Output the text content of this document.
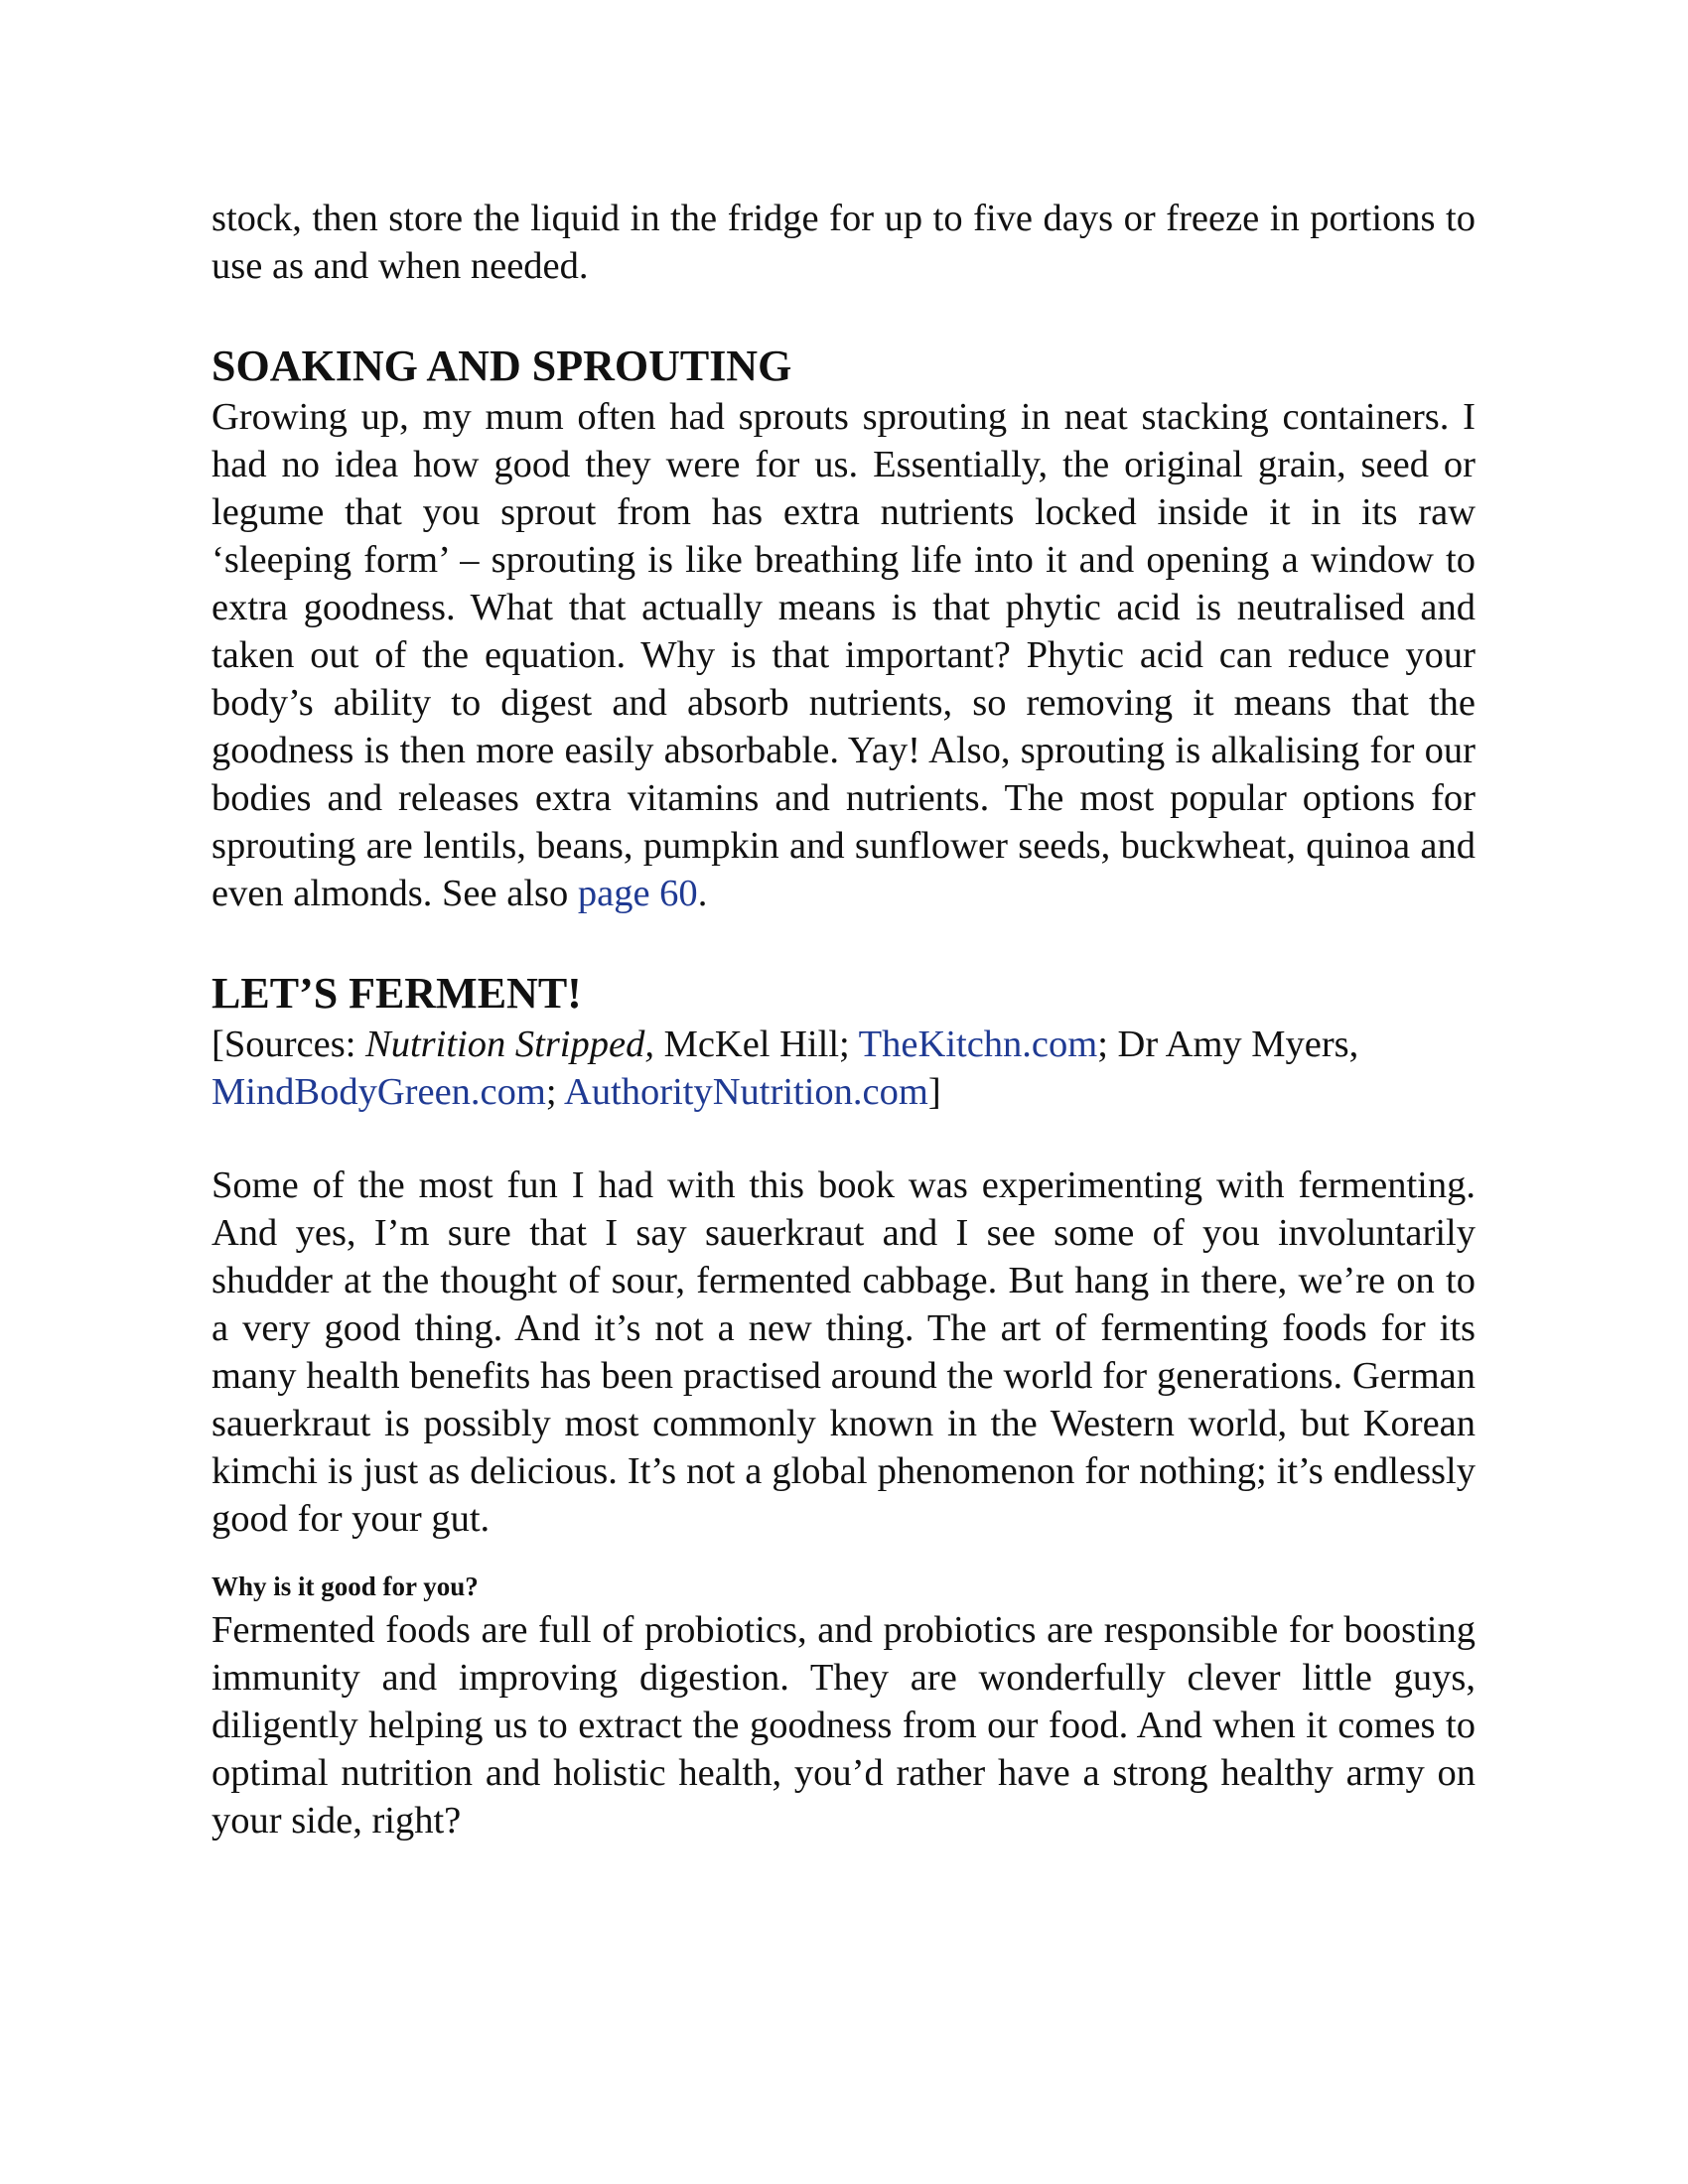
stock, then store the liquid in the fridge for up to five days or freeze in portions to use as and when needed.

SOAKING AND SPROUTING

Growing up, my mum often had sprouts sprouting in neat stacking containers. I had no idea how good they were for us. Essentially, the original grain, seed or legume that you sprout from has extra nutrients locked inside it in its raw ‘sleeping form’ – sprouting is like breathing life into it and opening a window to extra goodness. What that actually means is that phytic acid is neutralised and taken out of the equation. Why is that important? Phytic acid can reduce your body’s ability to digest and absorb nutrients, so removing it means that the goodness is then more easily absorbable. Yay! Also, sprouting is alkalising for our bodies and releases extra vitamins and nutrients. The most popular options for sprouting are lentils, beans, pumpkin and sunflower seeds, buckwheat, quinoa and even almonds. See also page 60.

LET’S FERMENT!

[Sources: Nutrition Stripped, McKel Hill; TheKitchn.com; Dr Amy Myers,
MindBodyGreen.com; AuthorityNutrition.com]

Some of the most fun I had with this book was experimenting with fermenting. And yes, I’m sure that I say sauerkraut and I see some of you involuntarily shudder at the thought of sour, fermented cabbage. But hang in there, we’re on to a very good thing. And it’s not a new thing. The art of fermenting foods for its many health benefits has been practised around the world for generations. German sauerkraut is possibly most commonly known in the Western world, but Korean kimchi is just as delicious. It’s not a global phenomenon for nothing; it’s endlessly good for your gut.

Why is it good for you?

Fermented foods are full of probiotics, and probiotics are responsible for boosting immunity and improving digestion. They are wonderfully clever little guys, diligently helping us to extract the goodness from our food. And when it comes to optimal nutrition and holistic health, you’d rather have a strong healthy army on your side, right?
